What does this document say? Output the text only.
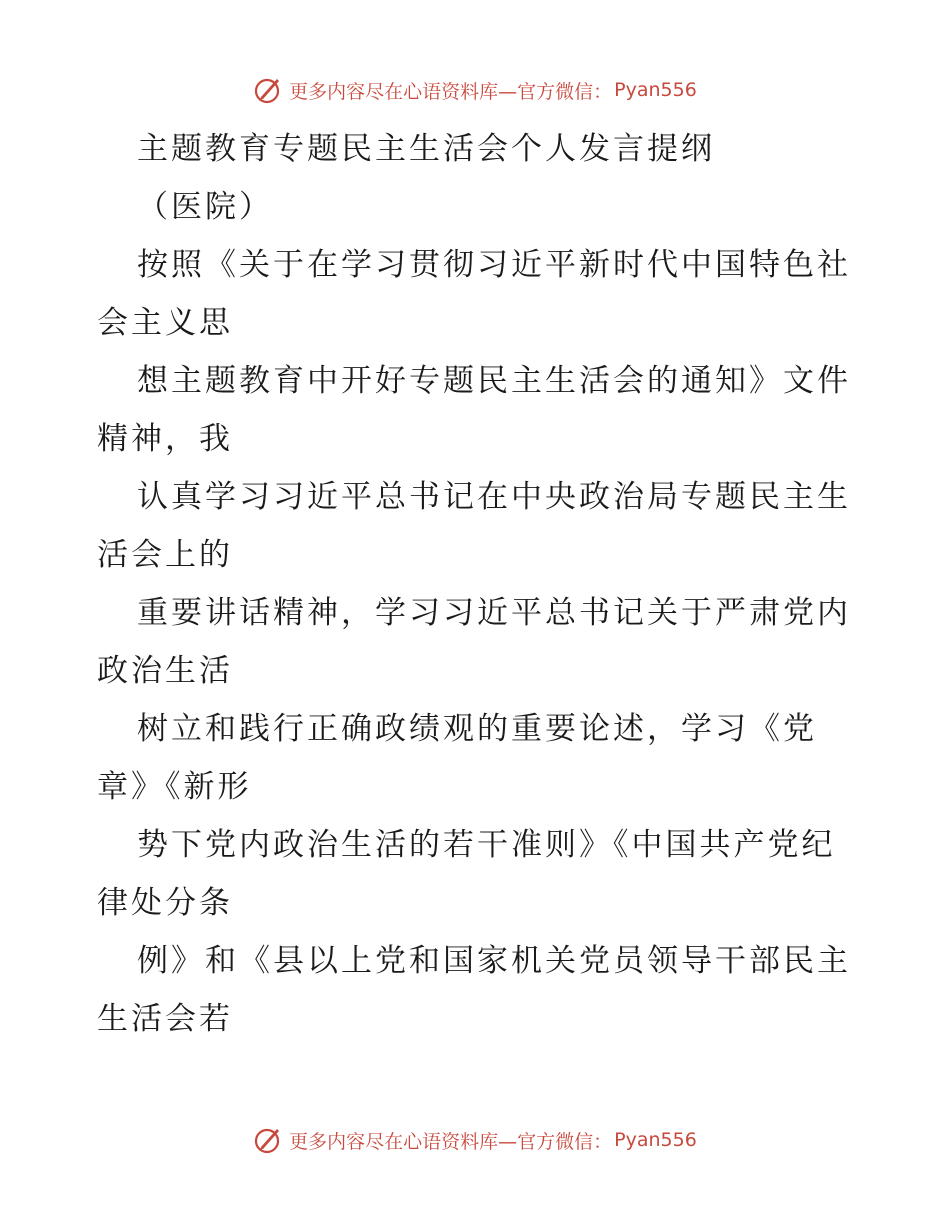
更多内容尽在心语资料库—官方微信： Pyan556
主题教育专题民主生活会个人发言提纲
（医院）
按照《关于在学习贯彻习近平新时代中国特色社
会主义思
想主题教育中开好专题民主生活会的通知》文件
精神，我
认真学习习近平总书记在中央政治局专题民主生
活会上的
重要讲话精神，学习习近平总书记关于严肃党内
政治生活
树立和践行正确政绩观的重要论述，学习《党
章》《新形
势下党内政治生活的若干准则》《中国共产党纪
律处分条
例》和《县以上党和国家机关党员领导干部民主
生活会若
更多内容尽在心语资料库—官方微信： Pyan556
